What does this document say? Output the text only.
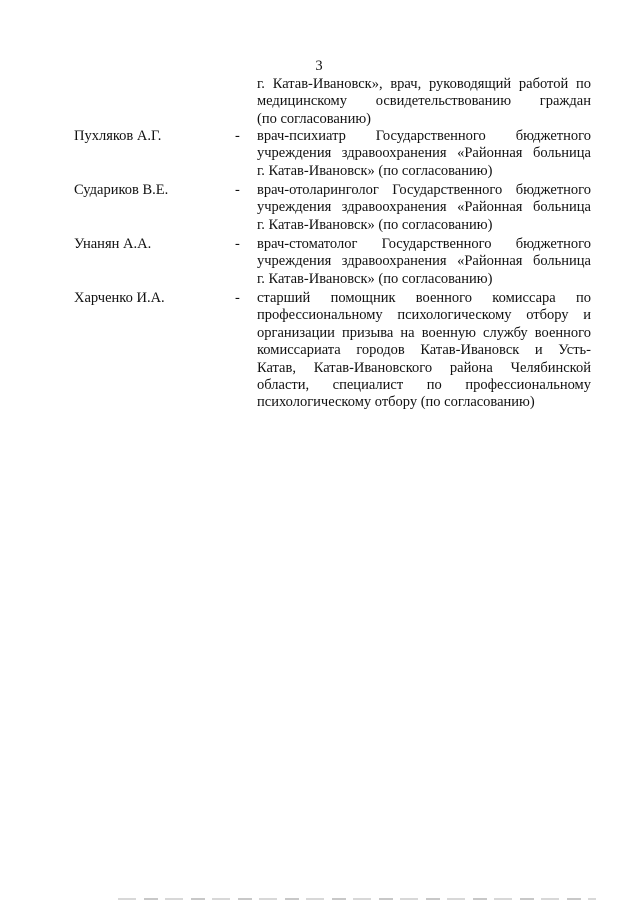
3
г. Катав-Ивановск», врач, руководящий работой по
медицинскому освидетельствованию граждан
(по согласованию)
Пухляков А.Г.	- врач-психиатр Государственного бюджетного
учреждения здравоохранения «Районная больница
г. Катав-Ивановск» (по согласованию)
Судариков В.Е.	- врач-отоларинголог Государственного бюджетного
учреждения здравоохранения «Районная больница
г. Катав-Ивановск» (по согласованию)
Унанян А.А.	- врач-стоматолог Государственного бюджетного
учреждения здравоохранения «Районная больница
г. Катав-Ивановск» (по согласованию)
Харченко И.А.	- старший помощник военного комиссара по
профессиональному психологическому отбору и
организации призыва на военную службу военного
комиссариата городов Катав-Ивановск и Усть-
Катав, Катав-Ивановского района Челябинской
области, специалист по профессиональному
психологическому отбору (по согласованию)
